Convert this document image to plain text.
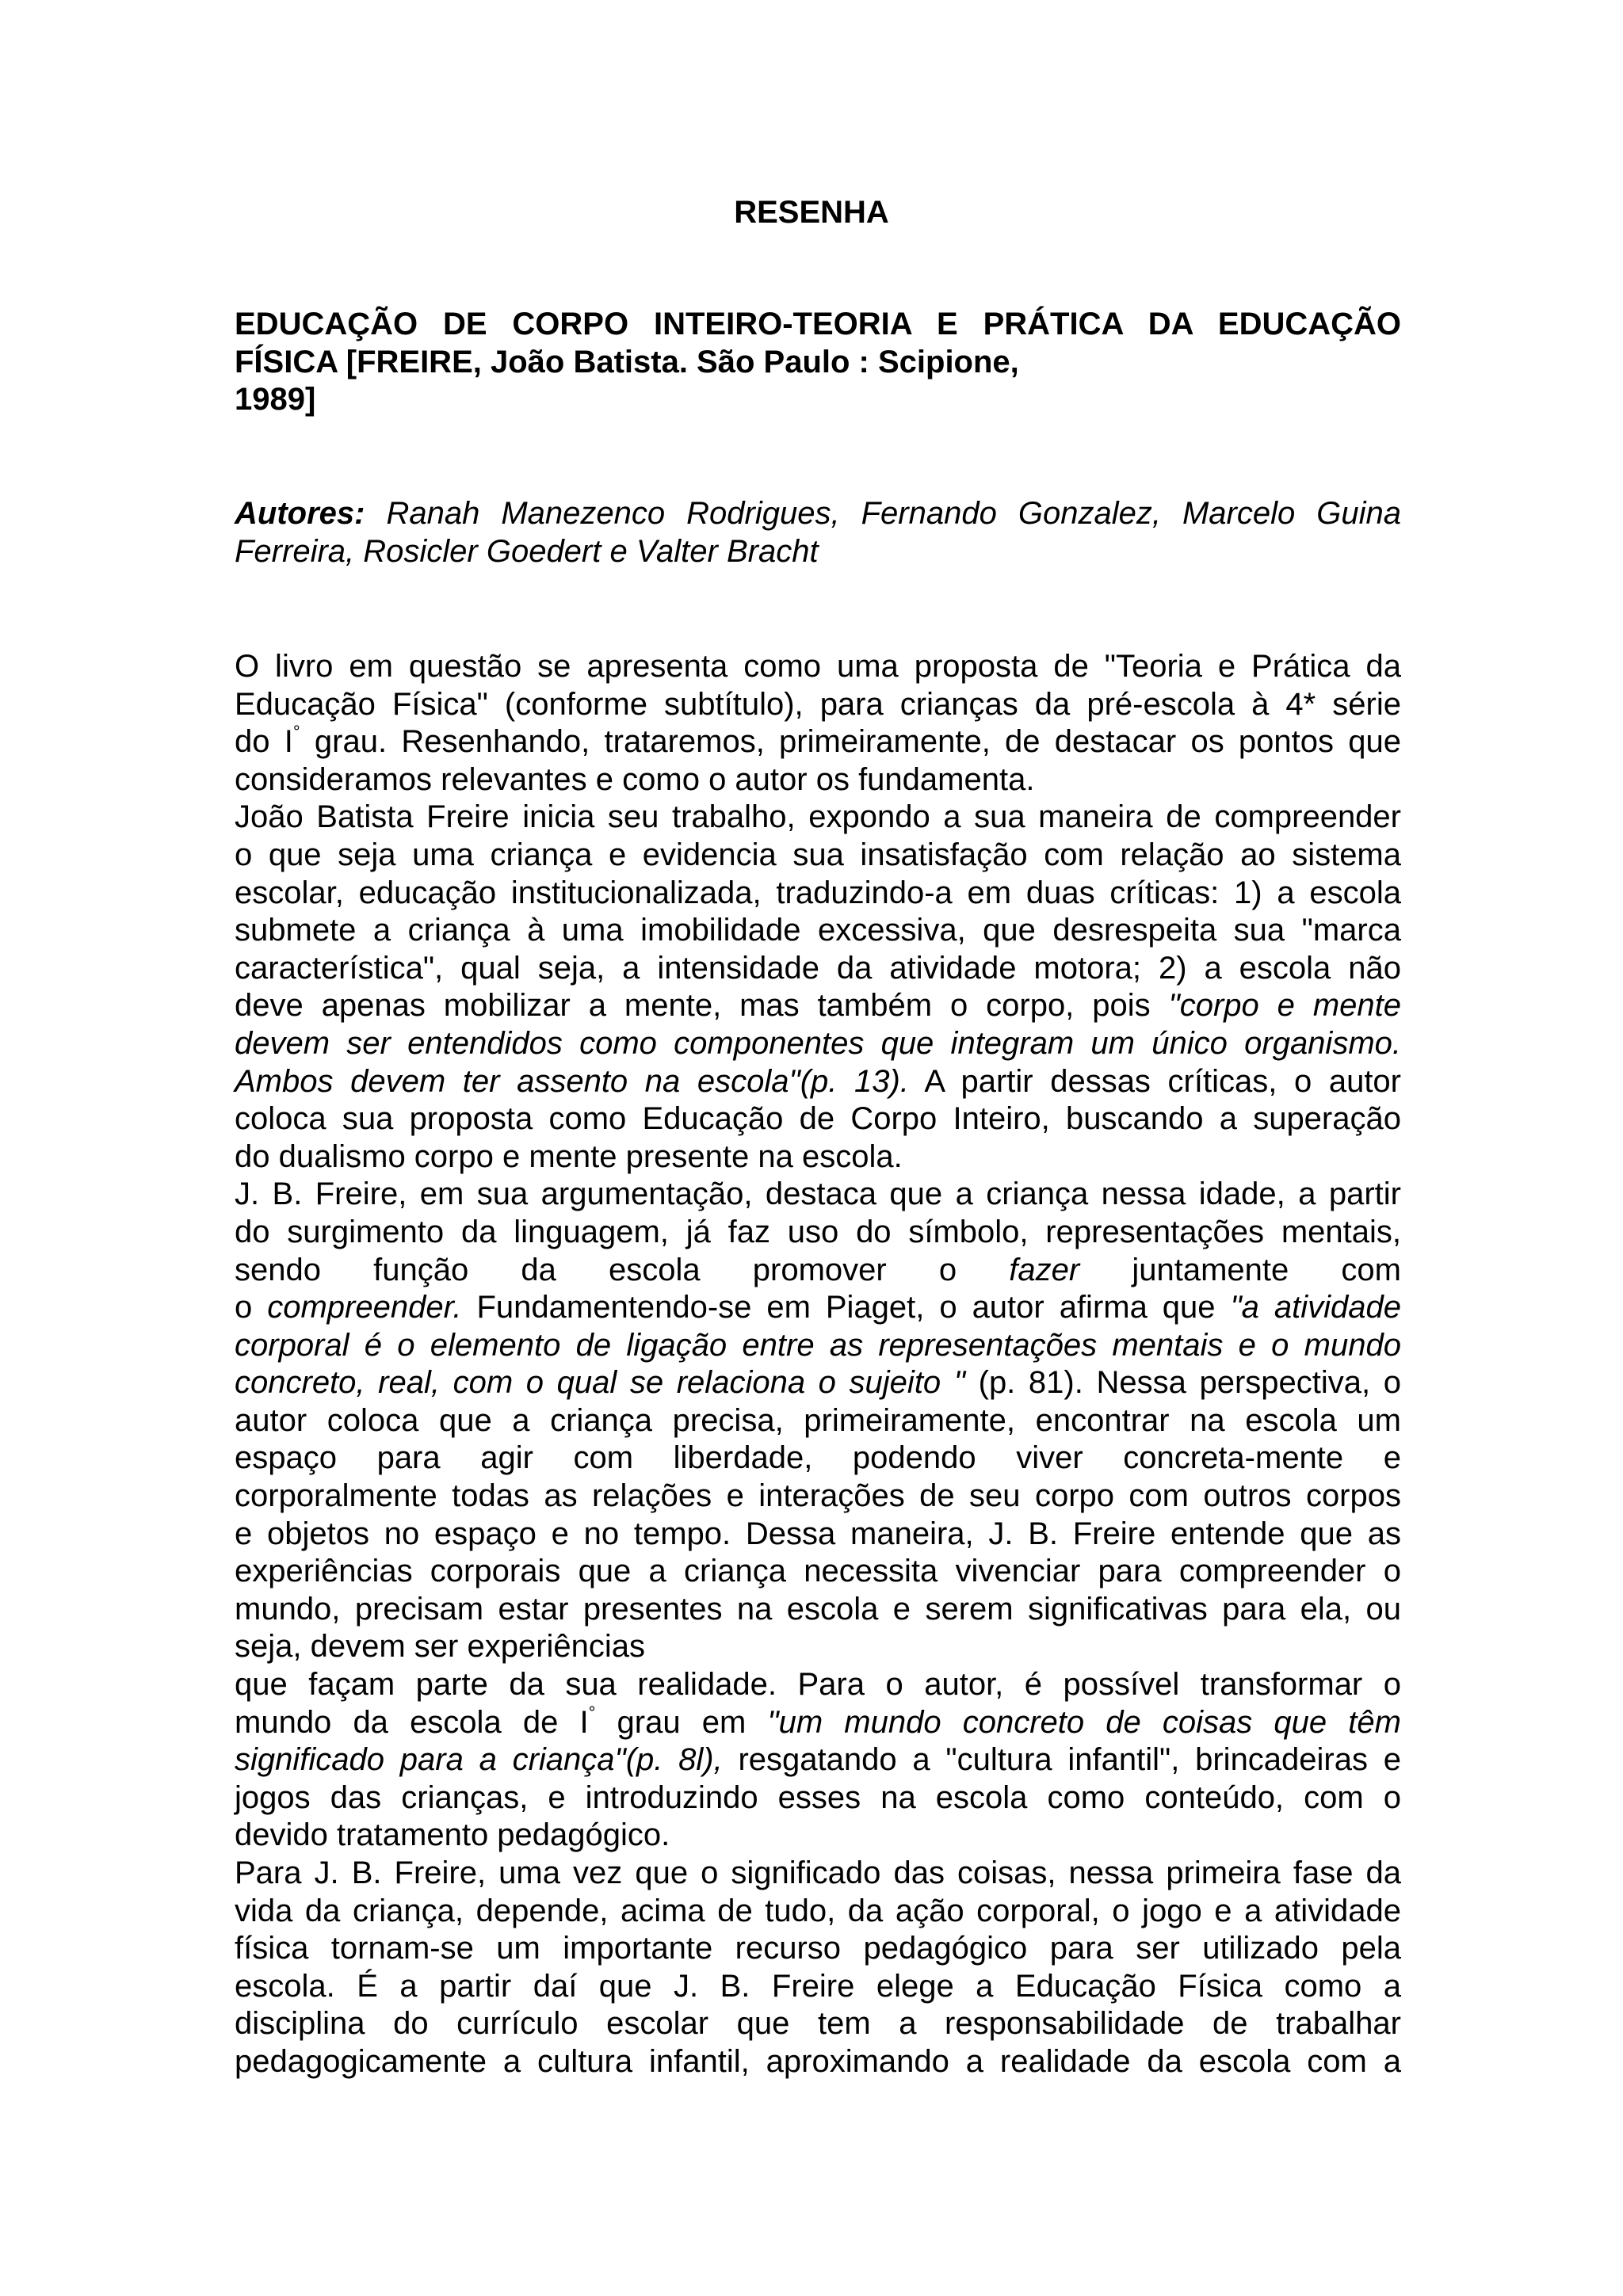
RESENHA
EDUCAÇÃO DE CORPO INTEIRO-TEORIA E PRÁTICA DA EDUCAÇÃO
FÍSICA [FREIRE, João Batista. São Paulo : Scipione,
1989]
Autores: Ranah Manezenco Rodrigues, Fernando Gonzalez, Marcelo Guina
Ferreira, Rosicler Goedert e Valter Bracht
O livro em questão se apresenta como uma proposta de "Teoria e Prática da
Educação Física" (conforme subtítulo), para crianças da pré-escola à 4* série
do I° grau. Resenhando, trataremos, primeiramente, de destacar os pontos que
consideramos relevantes e como o autor os fundamenta.
João Batista Freire inicia seu trabalho, expondo a sua maneira de compreender
o que seja uma criança e evidencia sua insatisfação com relação ao sistema
escolar, educação institucionalizada, traduzindo-a em duas críticas: 1) a escola
submete a criança à uma imobilidade excessiva, que desrespeita sua "marca
característica", qual seja, a intensidade da atividade motora; 2) a escola não
deve apenas mobilizar a mente, mas também o corpo, pois "corpo e mente
devem ser entendidos como componentes que integram um único organismo.
Ambos devem ter assento na escola"(p. 13). A partir dessas críticas, o autor
coloca sua proposta como Educação de Corpo Inteiro, buscando a superação
do dualismo corpo e mente presente na escola.
J. B. Freire, em sua argumentação, destaca que a criança nessa idade, a partir
do surgimento da linguagem, já faz uso do símbolo, representações mentais,
sendo função da escola promover o fazer juntamente com
o compreender. Fundamentendo-se em Piaget, o autor afirma que "a atividade
corporal é o elemento de ligação entre as representações mentais e o mundo
concreto, real, com o qual se relaciona o sujeito " (p. 81). Nessa perspectiva, o
autor coloca que a criança precisa, primeiramente, encontrar na escola um
espaço para agir com liberdade, podendo viver concreta-mente e
corporalmente todas as relações e interações de seu corpo com outros corpos
e objetos no espaço e no tempo. Dessa maneira, J. B. Freire entende que as
experiências corporais que a criança necessita vivenciar para compreender o
mundo, precisam estar presentes na escola e serem significativas para ela, ou
seja, devem ser experiências
que façam parte da sua realidade. Para o autor, é possível transformar o
mundo da escola de I° grau em "um mundo concreto de coisas que têm
significado para a criança"(p. 8l), resgatando a "cultura infantil", brincadeiras e
jogos das crianças, e introduzindo esses na escola como conteúdo, com o
devido tratamento pedagógico.
Para J. B. Freire, uma vez que o significado das coisas, nessa primeira fase da
vida da criança, depende, acima de tudo, da ação corporal, o jogo e a atividade
física tornam-se um importante recurso pedagógico para ser utilizado pela
escola. É a partir daí que J. B. Freire elege a Educação Física como a
disciplina do currículo escolar que tem a responsabilidade de trabalhar
pedagogicamente a cultura infantil, aproximando a realidade da escola com a
